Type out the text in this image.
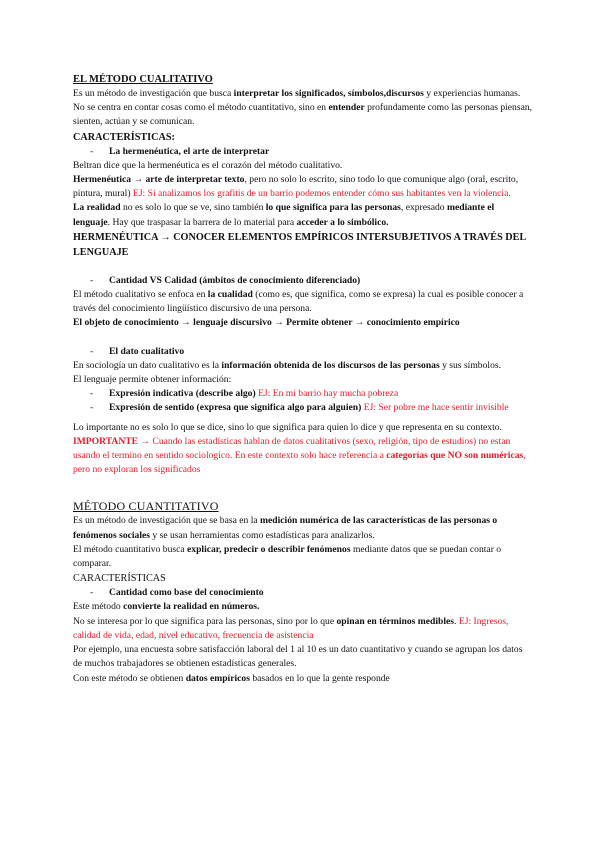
EL MÉTODO CUALITATIVO

Es un método de investigación que busca interpretar los significados, símbolos,discursos y experiencias humanas.

No se centra en contar cosas como el método cuantitativo, sino en entender profundamente como las personas piensan, sienten, actúan y se comunican.

CARACTERÍSTICAS:

- La hermenéutica, el arte de interpretar

Beltran dice que la hermenéutica es el corazón del método cualitativo.

Hermenéutica → arte de interpretar texto, pero no solo lo escrito, sino todo lo que comunique algo (oral, escrito, pintura, mural) EJ: Si analizamos los grafitis de un barrio podemos entender cómo sus habitantes ven la violencia.

La realidad no es solo lo que se ve, sino también lo que significa para las personas, expresado mediante el lenguaje. Hay que traspasar la barrera de lo material para acceder a lo simbólico.

HERMENÉUTICA → CONOCER ELEMENTOS EMPÍRICOS INTERSUBJETIVOS A TRAVÉS DEL LENGUAJE

- Cantidad VS Calidad (ámbitos de conocimiento diferenciado)

El método cualitativo se enfoca en la cualidad (como es, que significa, como se expresa) la cual es posible conocer a través del conocimiento lingüístico discursivo de una persona.

El objeto de conocimiento → lenguaje discursivo → Permite obtener → conocimiento empírico

- El dato cualitativo

En sociología un dato cualitativo es la información obtenida de los discursos de las personas y sus símbolos.

El lenguaje permite obtener información:

- Expresión indicativa (describe algo) EJ: En mi barrio hay mucha pobreza

- Expresión de sentido (expresa que significa algo para alguien) EJ: Ser pobre me hace sentir invisible

Lo importante no es solo lo que se dice, sino lo que significa para quien lo dice y que representa en su contexto.

IMPORTANTE → Cuando las estadísticas hablan de datos cualitativos (sexo, religión, tipo de estudios) no estan usando el termino en sentido sociologico. En este contexto solo hace referencia a categorías que NO son numéricas, pero no exploran los significados

MÉTODO CUANTITATIVO

Es un método de investigación que se basa en la medición numérica de las características de las personas o fenómenos sociales y se usan herramientas como estadísticas para analizarlos.

El método cuantitativo busca explicar, predecir o describir fenómenos mediante datos que se puedan contar o comparar.

CARACTERÍSTICAS

- Cantidad como base del conocimiento

Este método convierte la realidad en números.

No se interesa por lo que significa para las personas, sino por lo que opinan en términos medibles. EJ: Ingresos, calidad de vida, edad, nivel educativo, frecuencia de asistencia

Por ejemplo, una encuesta sobre satisfacción laboral del 1 al 10 es un dato cuantitativo y cuando se agrupan los datos de muchos trabajadores se obtienen estadísticas generales.

Con este método se obtienen datos empíricos basados en lo que la gente responde
